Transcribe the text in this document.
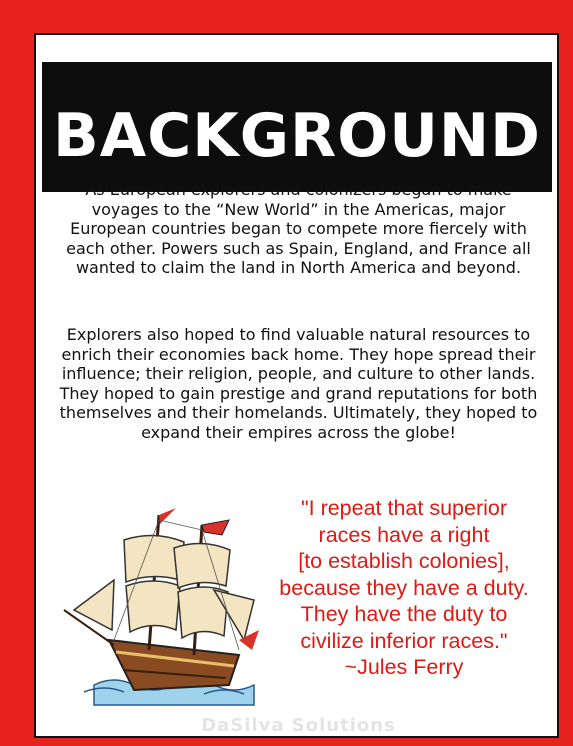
BACKGROUND

As European explorers and colonizers began to make voyages to the “New World” in the Americas, major European countries began to compete more fiercely with each other. Powers such as Spain, England, and France all wanted to claim the land in North America and beyond.

Explorers also hoped to find valuable natural resources to enrich their economies back home. They hope spread their influence; their religion, people, and culture to other lands. They hoped to gain prestige and grand reputations for both themselves and their homelands. Ultimately, they hoped to expand their empires across the globe!

"I repeat that superior
races have a right
[to establish colonies],
because they have a duty.
They have the duty to
civilize inferior races."
~Jules Ferry
DaSilva Solutions
